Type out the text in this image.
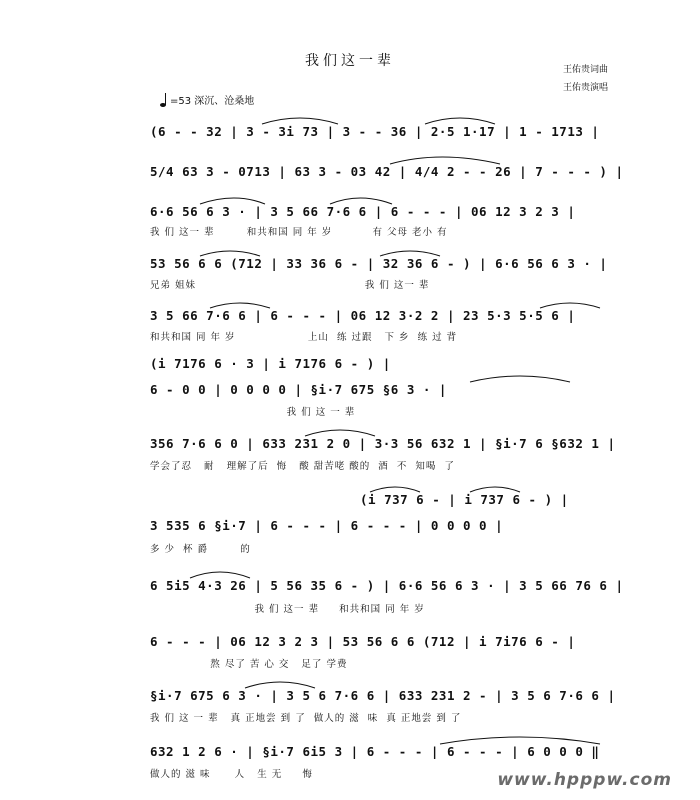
我们这一辈
王佑贵词曲
王佑贵演唱
=53 深沉、沧桑地
(6 - - 32 | 3 - 3i 73 | 3 - - 36 | 2·5 1·17 | 1 - 1713 |
5/4 63 3 - 0713 | 63 3 - 03 42 | 4/4 2 - - 26 | 7 - - - ) |
6·6 56 6 3 · | 3 5 66 7·6 6 | 6 - - - | 06 12 3 2 3 |
我 们 这一 辈        和共和国 同 年 岁          有 父母 老小 有
53 56 6 6 (712 | 33 36 6 - | 32 36 6 - ) | 6·6 56 6 3 · |
兄弟 姐妹                                          我 们 这一 辈
3 5 66 7·6 6 | 6 - - - | 06 12 3·2 2 | 23 5·3 5·5 6 |
和共和国 同 年 岁                  上山  练 过跟   下 乡  练 过 背
(i 7176 6 · 3 | i 7176 6 - ) |
6 - 0 0 | 0 0 0 0 | §i·7 675 §6 3 · |
我 们 这 一 辈
356 7·6 6 0 | 633 231 2 0 | 3·3 56 632 1 | §i·7 6 §632 1 |
学会了忍   耐   理解了后  悔   酸 甜苦咾 酸的  酒  不  知喝  了
(i 737 6 - | i 737 6 - ) |
3 535 6 §i·7 | 6 - - - | 6 - - - | 0 0 0 0 |
多 少  杯 爵        的
6 5i5 4·3 26 | 5 56 35 6 - ) | 6·6 56 6 3 · | 3 5 66 76 6 |
我 们 这一 辈     和共和国 同 年 岁
6 - - - | 06 12 3 2 3 | 53 56 6 6 (712 | i 7i76 6 - |
熬 尽了 苦 心 交   足了 学费
§i·7 675 6 3 · | 3 5 6 7·6 6 | 633 231 2 - | 3 5 6 7·6 6 |
我 们 这 一 辈   真 正地尝 到 了  做人的 滋  味  真 正地尝 到 了
632 1 2 6 · | §i·7 6i5 3 | 6 - - - | 6 - - - | 6 0 0 0 ‖
做人的 滋 味      人   生 无     悔	www.hpppw.com
